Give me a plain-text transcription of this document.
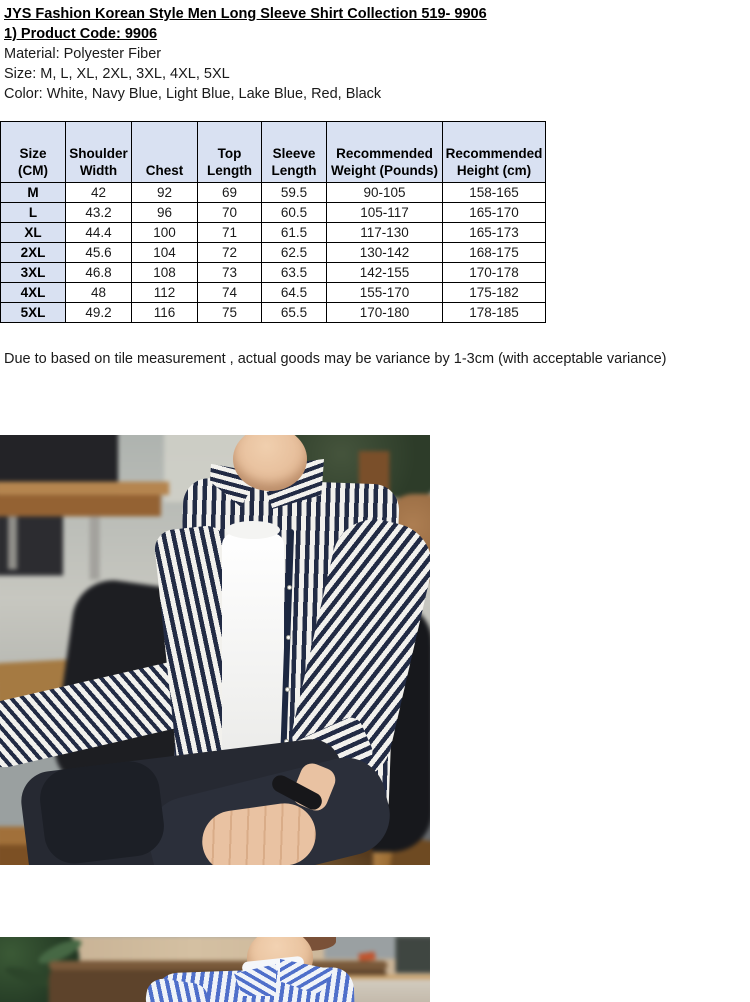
JYS Fashion Korean Style Men Long Sleeve Shirt Collection 519- 9906
1) Product Code: 9906
Material: Polyester Fiber
Size: M, L, XL, 2XL, 3XL, 4XL, 5XL
Color: White, Navy Blue, Light Blue, Lake Blue, Red, Black
Size (CM)	Shoulder Width	Chest	Top Length	Sleeve Length	Recommended Weight (Pounds)	Recommended Height (cm)
M	42	92	69	59.5	90-105	158-165
L	43.2	96	70	60.5	105-117	165-170
XL	44.4	100	71	61.5	117-130	165-173
2XL	45.6	104	72	62.5	130-142	168-175
3XL	46.8	108	73	63.5	142-155	170-178
4XL	48	112	74	64.5	155-170	175-182
5XL	49.2	116	75	65.5	170-180	178-185
Due to based on tile measurement , actual goods may be variance by 1-3cm (with acceptable variance)
